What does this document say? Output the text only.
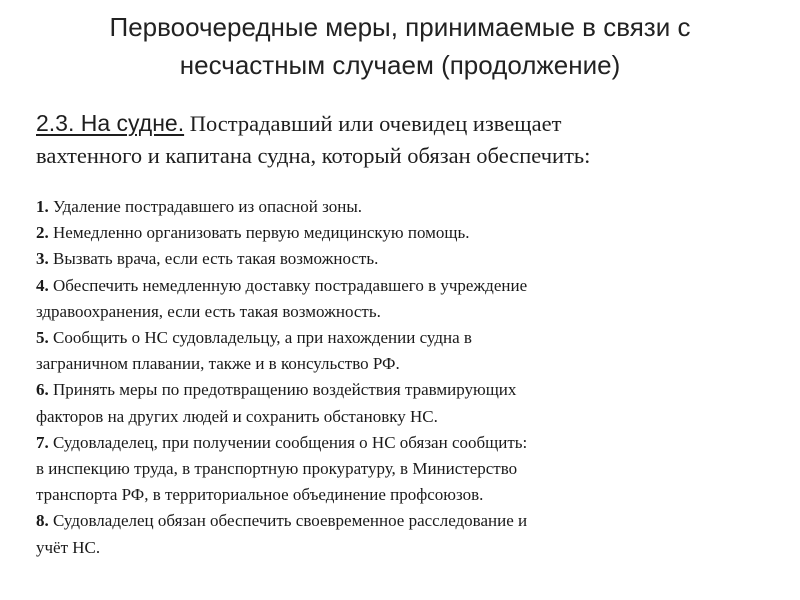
Первоочередные меры, принимаемые в связи с
несчастным случаем (продолжение)
2.3. На судне. Пострадавший или очевидец извещает
вахтенного и капитана судна, который обязан обеспечить:
1. Удаление пострадавшего из опасной зоны.
2. Немедленно организовать первую медицинскую помощь.
3. Вызвать врача, если есть такая возможность.
4. Обеспечить немедленную доставку пострадавшего в учреждение
здравоохранения, если есть такая возможность.
5. Сообщить о НС судовладельцу, а при нахождении судна в
заграничном плавании, также и в консульство РФ.
6. Принять меры по предотвращению воздействия травмирующих
факторов на других людей и сохранить обстановку НС.
7. Судовладелец, при получении сообщения о НС обязан сообщить:
в инспекцию труда, в транспортную прокуратуру, в Министерство
транспорта РФ, в территориальное объединение профсоюзов.
8. Судовладелец обязан обеспечить своевременное расследование и
учёт НС.
